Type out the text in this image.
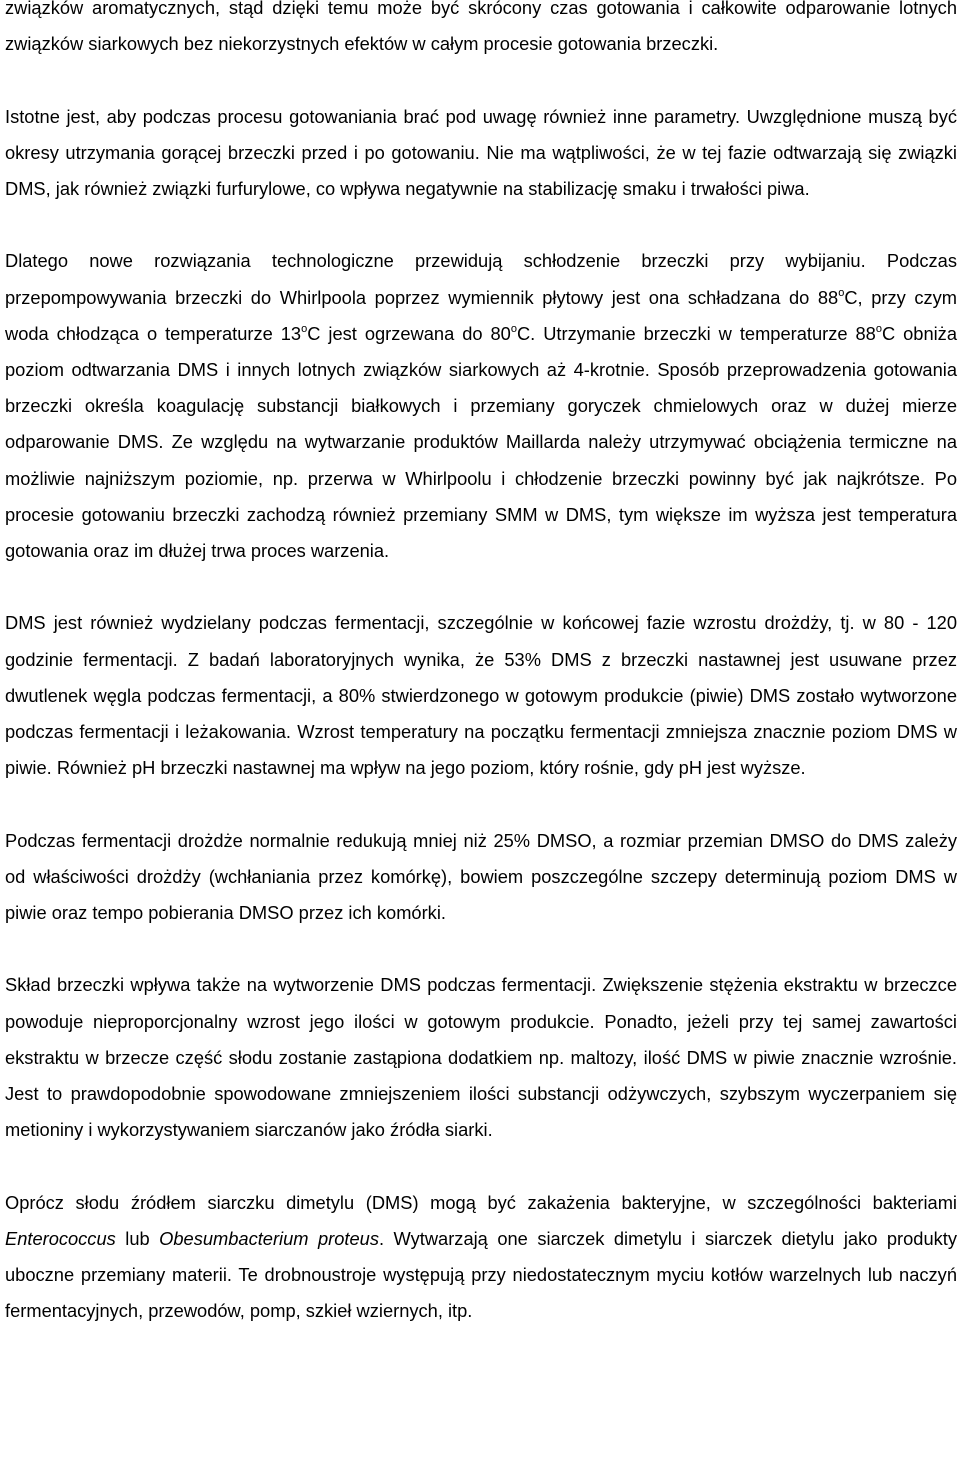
związków aromatycznych, stąd dzięki temu może być skrócony czas gotowania i całkowite odparowanie lotnych związków siarkowych bez niekorzystnych efektów w całym procesie gotowania brzeczki.

Istotne jest, aby podczas procesu gotowaniania brać pod uwagę również inne parametry. Uwzględnione muszą być okresy utrzymania gorącej brzeczki przed i po gotowaniu. Nie ma wątpliwości, że w tej fazie odtwarzają się związki DMS, jak również związki furfurylowe, co wpływa negatywnie na stabilizację smaku i trwałości piwa.

Dlatego nowe rozwiązania technologiczne przewidują schłodzenie brzeczki przy wybijaniu. Podczas przepompowywania brzeczki do Whirlpoola poprzez wymiennik płytowy jest ona schładzana do 88$^o$C, przy czym woda chłodząca o temperaturze 13$^o$C jest ogrzewana do 80$^o$C. Utrzymanie brzeczki w temperaturze 88$^o$C obniża poziom odtwarzania DMS i innych lotnych związków siarkowych aż 4-krotnie. Sposób przeprowadzenia gotowania brzeczki określa koagulację substancji białkowych i przemiany goryczek chmielowych oraz w dużej mierze odparowanie DMS. Ze względu na wytwarzanie produktów Maillarda należy utrzymywać obciążenia termiczne na możliwie najniższym poziomie, np. przerwa w Whirlpoolu i chłodzenie brzeczki powinny być jak najkrótsze. Po procesie gotowaniu brzeczki zachodzą również przemiany SMM w DMS, tym większe im wyższa jest temperatura gotowania oraz im dłużej trwa proces warzenia.

DMS jest również wydzielany podczas fermentacji, szczególnie w końcowej fazie wzrostu drożdży, tj. w 80 - 120 godzinie fermentacji. Z badań laboratoryjnych wynika, że 53% DMS z brzeczki nastawnej jest usuwane przez dwutlenek węgla podczas fermentacji, a 80% stwierdzonego w gotowym produkcie (piwie) DMS zostało wytworzone podczas fermentacji i leżakowania. Wzrost temperatury na początku fermentacji zmniejsza znacznie poziom DMS w piwie. Również pH brzeczki nastawnej ma wpływ na jego poziom, który rośnie, gdy pH jest wyższe.

Podczas fermentacji drożdże normalnie redukują mniej niż 25% DMSO, a rozmiar przemian DMSO do DMS zależy od właściwości drożdży (wchłaniania przez komórkę), bowiem poszczególne szczepy determinują poziom DMS w piwie oraz tempo pobierania DMSO przez ich komórki.

Skład brzeczki wpływa także na wytworzenie DMS podczas fermentacji. Zwiększenie stężenia ekstraktu w brzeczce powoduje nieproporcjonalny wzrost jego ilości w gotowym produkcie. Ponadto, jeżeli przy tej samej zawartości ekstraktu w brzecze część słodu zostanie zastąpiona dodatkiem np. maltozy, ilość DMS w piwie znacznie wzrośnie. Jest to prawdopodobnie spowodowane zmniejszeniem ilości substancji odżywczych, szybszym wyczerpaniem się metioniny i wykorzystywaniem siarczanów jako źródła siarki.

Oprócz słodu źródłem siarczku dimetylu (DMS) mogą być zakażenia bakteryjne, w szczególności bakteriami Enterococcus lub Obesumbacterium proteus. Wytwarzają one siarczek dimetylu i siarczek dietylu jako produkty uboczne przemiany materii. Te drobnoustroje występują przy niedostatecznym myciu kotłów warzelnych lub naczyń fermentacyjnych, przewodów, pomp, szkieł wziernych, itp.
